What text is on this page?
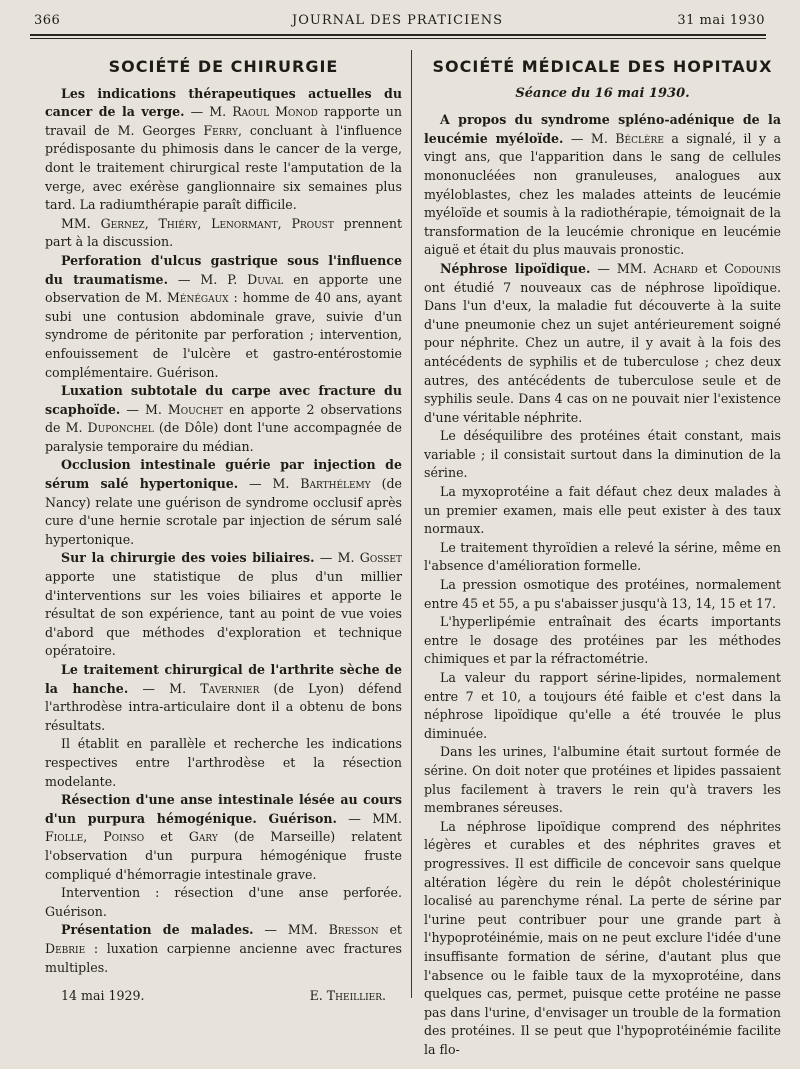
366	JOURNAL DES PRATICIENS	31 mai 1930
SOCIÉTÉ DE CHIRURGIE

Les indications thérapeutiques actuelles du cancer de la verge. — M. Raoul Monod rapporte un travail de M. Georges Ferry, concluant à l'influence prédisposante du phimosis dans le cancer de la verge, dont le traitement chirurgical reste l'amputation de la verge, avec exérèse ganglionnaire six semaines plus tard. La radiumthérapie paraît difficile.

MM. Gernez, Thiéry, Lenormant, Proust prennent part à la discussion.

Perforation d'ulcus gastrique sous l'influence du traumatisme. — M. P. Duval en apporte une observation de M. Ménégaux : homme de 40 ans, ayant subi une contusion abdominale grave, suivie d'un syndrome de péritonite par perforation ; intervention, enfouissement de l'ulcère et gastro-entérostomie complémentaire. Guérison.

Luxation subtotale du carpe avec fracture du scaphoïde. — M. Mouchet en apporte 2 observations de M. Duponchel (de Dôle) dont l'une accompagnée de paralysie temporaire du médian.

Occlusion intestinale guérie par injection de sérum salé hypertonique. — M. Barthélemy (de Nancy) relate une guérison de syndrome occlusif après cure d'une hernie scrotale par injection de sérum salé hypertonique.

Sur la chirurgie des voies biliaires. — M. Gosset apporte une statistique de plus d'un millier d'interventions sur les voies biliaires et apporte le résultat de son expérience, tant au point de vue voies d'abord que méthodes d'exploration et technique opératoire.

Le traitement chirurgical de l'arthrite sèche de la hanche. — M. Tavernier (de Lyon) défend l'arthrodèse intra-articulaire dont il a obtenu de bons résultats.

Il établit en parallèle et recherche les indications respectives entre l'arthrodèse et la résection modelante.

Résection d'une anse intestinale lésée au cours d'un purpura hémogénique. Guérison. — MM. Fiolle, Poinso et Gary (de Marseille) relatent l'observation d'un purpura hémogénique fruste compliqué d'hémorragie intestinale grave.

Intervention : résection d'une anse perforée. Guérison.

Présentation de malades. — MM. Bresson et Debrie : luxation carpienne ancienne avec fractures multiples.

14 mai 1929.	E. Theillier.
SOCIÉTÉ MÉDICALE DES HOPITAUX
Séance du 16 mai 1930.

A propos du syndrome spléno-adénique de la leucémie myéloïde. — M. Béclère a signalé, il y a vingt ans, que l'apparition dans le sang de cellules mononucléées non granuleuses, analogues aux myéloblastes, chez les malades atteints de leucémie myéloïde et soumis à la radiothérapie, témoignait de la transformation de la leucémie chronique en leucémie aiguë et était du plus mauvais pronostic.

Néphrose lipoïdique. — MM. Achard et Codounis ont étudié 7 nouveaux cas de néphrose lipoïdique. Dans l'un d'eux, la maladie fut découverte à la suite d'une pneumonie chez un sujet antérieurement soigné pour néphrite. Chez un autre, il y avait à la fois des antécédents de syphilis et de tuberculose ; chez deux autres, des antécédents de tuberculose seule et de syphilis seule. Dans 4 cas on ne pouvait nier l'existence d'une véritable néphrite.

Le déséquilibre des protéines était constant, mais variable ; il consistait surtout dans la diminution de la sérine.

La myxoprotéine a fait défaut chez deux malades à un premier examen, mais elle peut exister à des taux normaux.

Le traitement thyroïdien a relevé la sérine, même en l'absence d'amélioration formelle.

La pression osmotique des protéines, normalement entre 45 et 55, a pu s'abaisser jusqu'à 13, 14, 15 et 17.

L'hyperlipémie entraînait des écarts importants entre le dosage des protéines par les méthodes chimiques et par la réfractométrie.

La valeur du rapport sérine-lipides, normalement entre 7 et 10, a toujours été faible et c'est dans la néphrose lipoïdique qu'elle a été trouvée le plus diminuée.

Dans les urines, l'albumine était surtout formée de sérine. On doit noter que protéines et lipides passaient plus facilement à travers le rein qu'à travers les membranes séreuses.

La néphrose lipoïdique comprend des néphrites légères et curables et des néphrites graves et progressives. Il est difficile de concevoir sans quelque altération légère du rein le dépôt cholestérinique localisé au parenchyme rénal. La perte de sérine par l'urine peut contribuer pour une grande part à l'hypoprotéinémie, mais on ne peut exclure l'idée d'une insuffisante formation de sérine, d'autant plus que l'absence ou le faible taux de la myxoprotéine, dans quelques cas, permet, puisque cette protéine ne passe pas dans l'urine, d'envisager un trouble de la formation des protéines. Il se peut que l'hypoprotéinémie facilite la flo-
